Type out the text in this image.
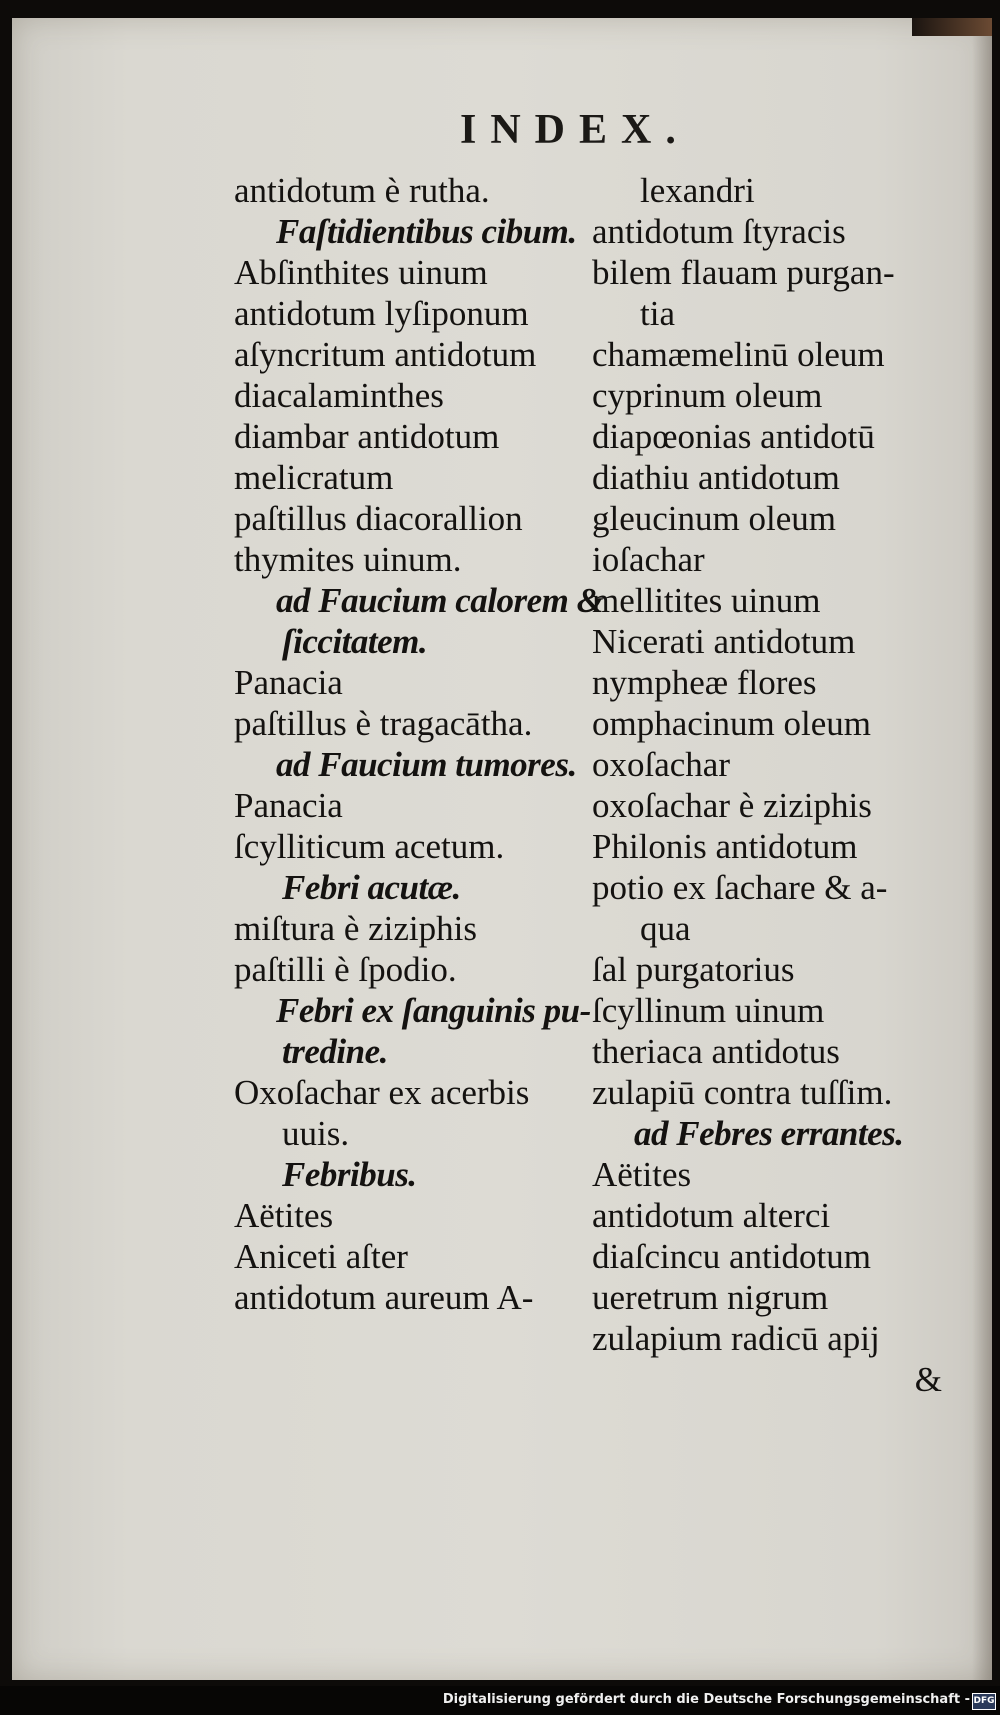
INDEX.
antidotum è rutha.
Faſtidientibus cibum.
Abſinthites uinum
antidotum lyſiponum
aſyncritum antidotum
diacalaminthes
diambar antidotum
melicratum
paſtillus diacorallion
thymites uinum.
ad Faucium calorem &
ſiccitatem.
Panacia
paſtillus è tragacātha.
ad Faucium tumores.
Panacia
ſcylliticum acetum.
Febri acutæ.
miſtura è ziziphis
paſtilli è ſpodio.
Febri ex ſanguinis pu-
tredine.
Oxoſachar ex acerbis
uuis.
Febribus.
Aëtites
Aniceti aſter
antidotum aureum A-
lexandri
antidotum ſtyracis
bilem flauam purgan-
tia
chamæmelinū oleum
cyprinum oleum
diapœonias antidotū
diathiu antidotum
gleucinum oleum
ioſachar
mellitites uinum
Nicerati antidotum
nympheæ flores
omphacinum oleum
oxoſachar
oxoſachar è ziziphis
Philonis antidotum
potio ex ſachare & a-
qua
ſal purgatorius
ſcyllinum uinum
theriaca antidotus
zulapiū contra tuſſim.
ad Febres errantes.
Aëtites
antidotum alterci
diaſcincu antidotum
ueretrum nigrum
zulapium radicū apij
&
Digitalisierung gefördert durch die Deutsche Forschungsgemeinschaft - DFG
